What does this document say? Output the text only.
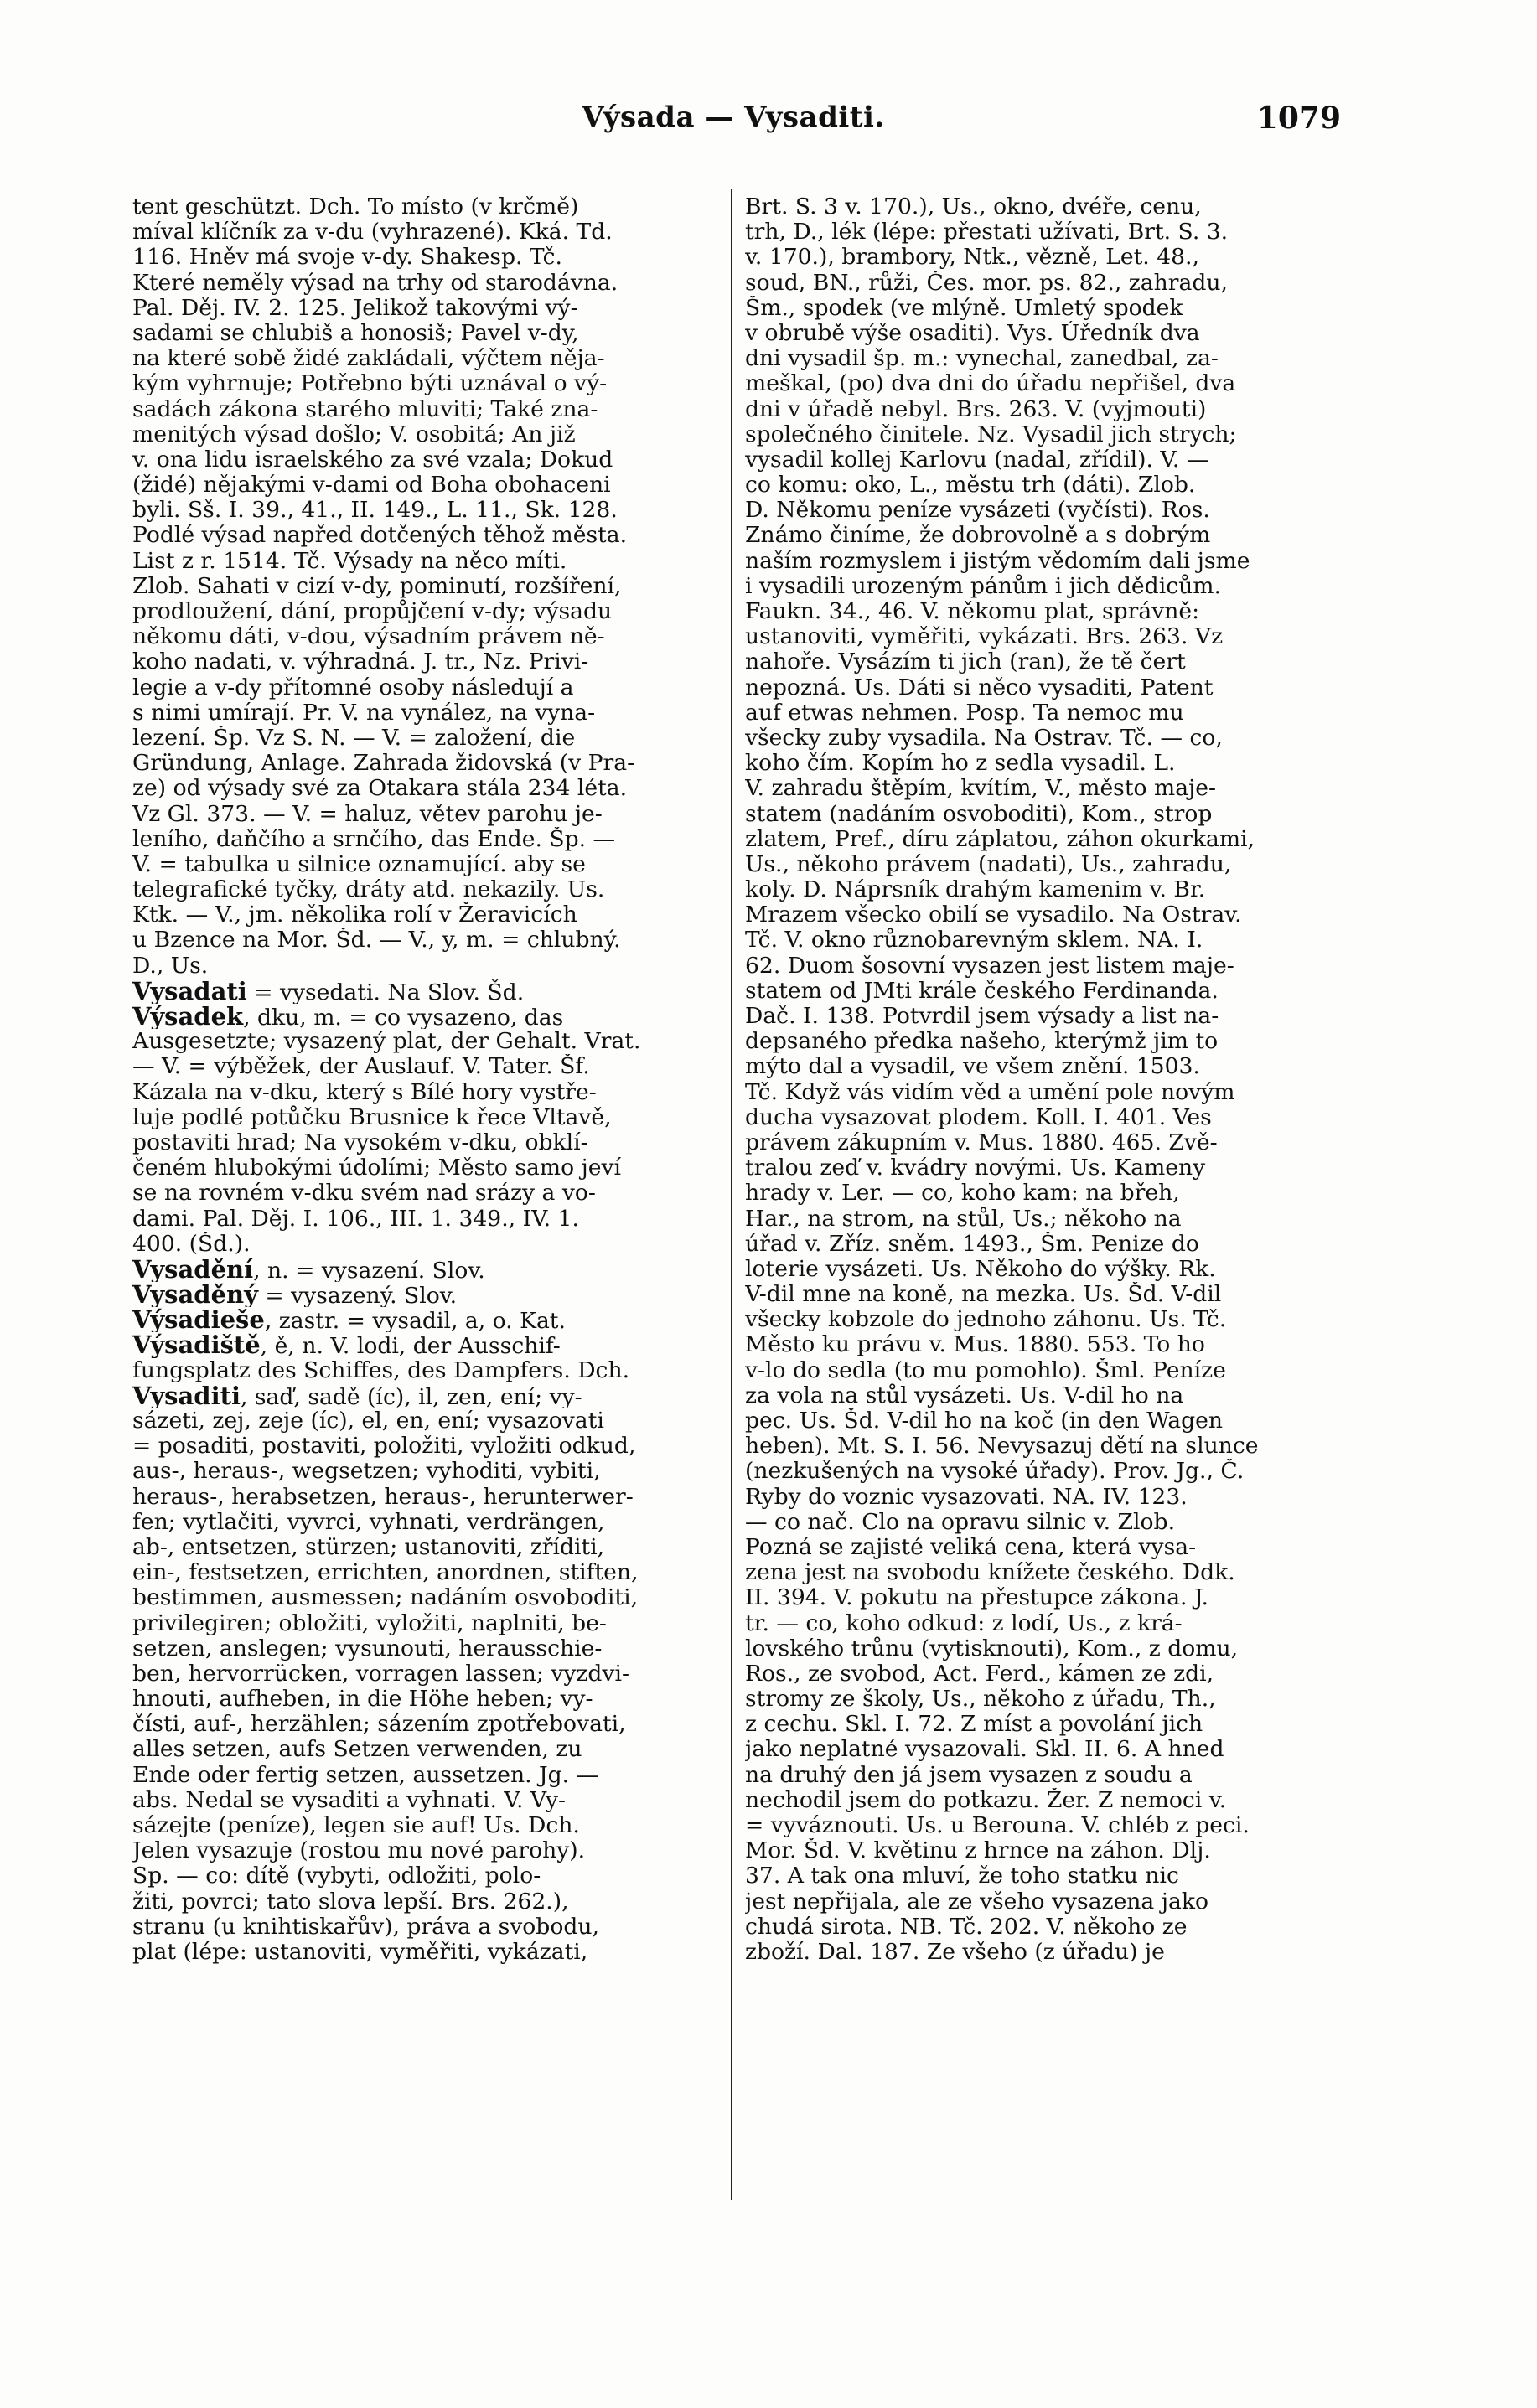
Výsada — Vysaditi.	1079
tent geschützt. Dch. To místo (v krčmě)
míval klíčník za v-du (vyhrazené). Kká. Td.
116. Hněv má svoje v-dy. Shakesp. Tč.
Které neměly výsad na trhy od starodávna.
Pal. Děj. IV. 2. 125. Jelikož takovými vý-
sadami se chlubiš a honosiš; Pavel v-dy,
na které sobě židé zakládali, výčtem něja-
kým vyhrnuje; Potřebno býti uznával o vý-
sadách zákona starého mluviti; Také zna-
menitých výsad došlo; V. osobitá; An již
v. ona lidu israelského za své vzala; Dokud
(židé) nějakými v-dami od Boha obohaceni
byli. Sš. I. 39., 41., II. 149., L. 11., Sk. 128.
Podlé výsad napřed dotčených těhož města.
List z r. 1514. Tč. Výsady na něco míti.
Zlob. Sahati v cizí v-dy, pominutí, rozšíření,
prodloužení, dání, propůjčení v-dy; výsadu
někomu dáti, v-dou, výsadním právem ně-
koho nadati, v. výhradná. J. tr., Nz. Privi-
legie a v-dy přítomné osoby následují a
s nimi umírají. Pr. V. na vynález, na vyna-
lezení. Šp. Vz S. N. — V. = založení, die
Gründung, Anlage. Zahrada židovská (v Pra-
ze) od výsady své za Otakara stála 234 léta.
Vz Gl. 373. — V. = haluz, větev parohu je-
leního, daňčího a srnčího, das Ende. Šp. —
V. = tabulka u silnice oznamující. aby se
telegrafické tyčky, dráty atd. nekazily. Us.
Ktk. — V., jm. několika rolí v Žeravicích
u Bzence na Mor. Šd. — V., y, m. = chlubný.
D., Us.
Vysadati = vysedati. Na Slov. Šd.
Výsadek, dku, m. = co vysazeno, das
Ausgesetzte; vysazený plat, der Gehalt. Vrat.
— V. = výběžek, der Auslauf. V. Tater. Šf.
Kázala na v-dku, který s Bílé hory vystře-
luje podlé potůčku Brusnice k řece Vltavě,
postaviti hrad; Na vysokém v-dku, obklí-
čeném hlubokými údolími; Město samo jeví
se na rovném v-dku svém nad srázy a vo-
dami. Pal. Děj. I. 106., III. 1. 349., IV. 1.
400. (Šd.).
Vysadění, n. = vysazení. Slov.
Vysaděný = vysazený. Slov.
Výsadieše, zastr. = vysadil, a, o. Kat.
Výsadiště, ě, n. V. lodi, der Ausschif-
fungsplatz des Schiffes, des Dampfers. Dch.
Vysaditi, saď, sadě (íc), il, zen, ení; vy-
sázeti, zej, zeje (íc), el, en, ení; vysazovati
= posaditi, postaviti, položiti, vyložiti odkud,
aus-, heraus-, wegsetzen; vyhoditi, vybiti,
heraus-, herabsetzen, heraus-, herunterwer-
fen; vytlačiti, vyvrci, vyhnati, verdrängen,
ab-, entsetzen, stürzen; ustanoviti, zříditi,
ein-, festsetzen, errichten, anordnen, stiften,
bestimmen, ausmessen; nadáním osvoboditi,
privilegiren; obložiti, vyložiti, naplniti, be-
setzen, anslegen; vysunouti, herausschie-
ben, hervorrücken, vorragen lassen; vyzdvi-
hnouti, aufheben, in die Höhe heben; vy-
čísti, auf-, herzählen; sázením zpotřebovati,
alles setzen, aufs Setzen verwenden, zu
Ende oder fertig setzen, aussetzen. Jg. —
abs. Nedal se vysaditi a vyhnati. V. Vy-
sázejte (peníze), legen sie auf! Us. Dch.
Jelen vysazuje (rostou mu nové parohy).
Sp. — co: dítě (vybyti, odložiti, polo-
žiti, povrci; tato slova lepší. Brs. 262.),
stranu (u knihtiskařův), práva a svobodu,
plat (lépe: ustanoviti, vyměřiti, vykázati,
Brt. S. 3 v. 170.), Us., okno, dvéře, cenu,
trh, D., lék (lépe: přestati užívati, Brt. S. 3.
v. 170.), brambory, Ntk., vězně, Let. 48.,
soud, BN., růži, Čes. mor. ps. 82., zahradu,
Šm., spodek (ve mlýně. Umletý spodek
v obrubě výše osaditi). Vys. Úředník dva
dni vysadil šp. m.: vynechal, zanedbal, za-
meškal, (po) dva dni do úřadu nepřišel, dva
dni v úřadě nebyl. Brs. 263. V. (vyjmouti)
společného činitele. Nz. Vysadil jich strych;
vysadil kollej Karlovu (nadal, zřídil). V. —
co komu: oko, L., městu trh (dáti). Zlob.
D. Někomu peníze vysázeti (vyčísti). Ros.
Známo činíme, že dobrovolně a s dobrým
naším rozmyslem i jistým vědomím dali jsme
i vysadili urozeným pánům i jich dědicům.
Faukn. 34., 46. V. někomu plat, správně:
ustanoviti, vyměřiti, vykázati. Brs. 263. Vz
nahoře. Vysázím ti jich (ran), že tě čert
nepozná. Us. Dáti si něco vysaditi, Patent
auf etwas nehmen. Posp. Ta nemoc mu
všecky zuby vysadila. Na Ostrav. Tč. — co,
koho čím. Kopím ho z sedla vysadil. L.
V. zahradu štěpím, kvítím, V., město maje-
statem (nadáním osvoboditi), Kom., strop
zlatem, Pref., díru záplatou, záhon okurkami,
Us., někoho právem (nadati), Us., zahradu,
koly. D. Náprsník drahým kamenim v. Br.
Mrazem všecko obilí se vysadilo. Na Ostrav.
Tč. V. okno různobarevným sklem. NA. I.
62. Duom šosovní vysazen jest listem maje-
statem od JMti krále českého Ferdinanda.
Dač. I. 138. Potvrdil jsem výsady a list na-
depsaného předka našeho, kterýmž jim to
mýto dal a vysadil, ve všem znění. 1503.
Tč. Když vás vidím věd a umění pole novým
ducha vysazovat plodem. Koll. I. 401. Ves
právem zákupním v. Mus. 1880. 465. Zvě-
tralou zeď v. kvádry novými. Us. Kameny
hrady v. Ler. — co, koho kam: na břeh,
Har., na strom, na stůl, Us.; někoho na
úřad v. Zříz. sněm. 1493., Šm. Penize do
loterie vysázeti. Us. Někoho do výšky. Rk.
V-dil mne na koně, na mezka. Us. Šd. V-dil
všecky kobzole do jednoho záhonu. Us. Tč.
Město ku právu v. Mus. 1880. 553. To ho
v-lo do sedla (to mu pomohlo). Šml. Peníze
za vola na stůl vysázeti. Us. V-dil ho na
pec. Us. Šd. V-dil ho na koč (in den Wagen
heben). Mt. S. I. 56. Nevysazuj dětí na slunce
(nezkušených na vysoké úřady). Prov. Jg., Č.
Ryby do voznic vysazovati. NA. IV. 123.
— co nač. Clo na opravu silnic v. Zlob.
Pozná se zajisté veliká cena, která vysa-
zena jest na svobodu knížete českého. Ddk.
II. 394. V. pokutu na přestupce zákona. J.
tr. — co, koho odkud: z lodí, Us., z krá-
lovského trůnu (vytisknouti), Kom., z domu,
Ros., ze svobod, Act. Ferd., kámen ze zdi,
stromy ze školy, Us., někoho z úřadu, Th.,
z cechu. Skl. I. 72. Z míst a povolání jich
jako neplatné vysazovali. Skl. II. 6. A hned
na druhý den já jsem vysazen z soudu a
nechodil jsem do potkazu. Žer. Z nemoci v.
= vyváznouti. Us. u Berouna. V. chléb z peci.
Mor. Šd. V. květinu z hrnce na záhon. Dlj.
37. A tak ona mluví, že toho statku nic
jest nepřijala, ale ze všeho vysazena jako
chudá sirota. NB. Tč. 202. V. někoho ze
zboží. Dal. 187. Ze všeho (z úřadu) je
